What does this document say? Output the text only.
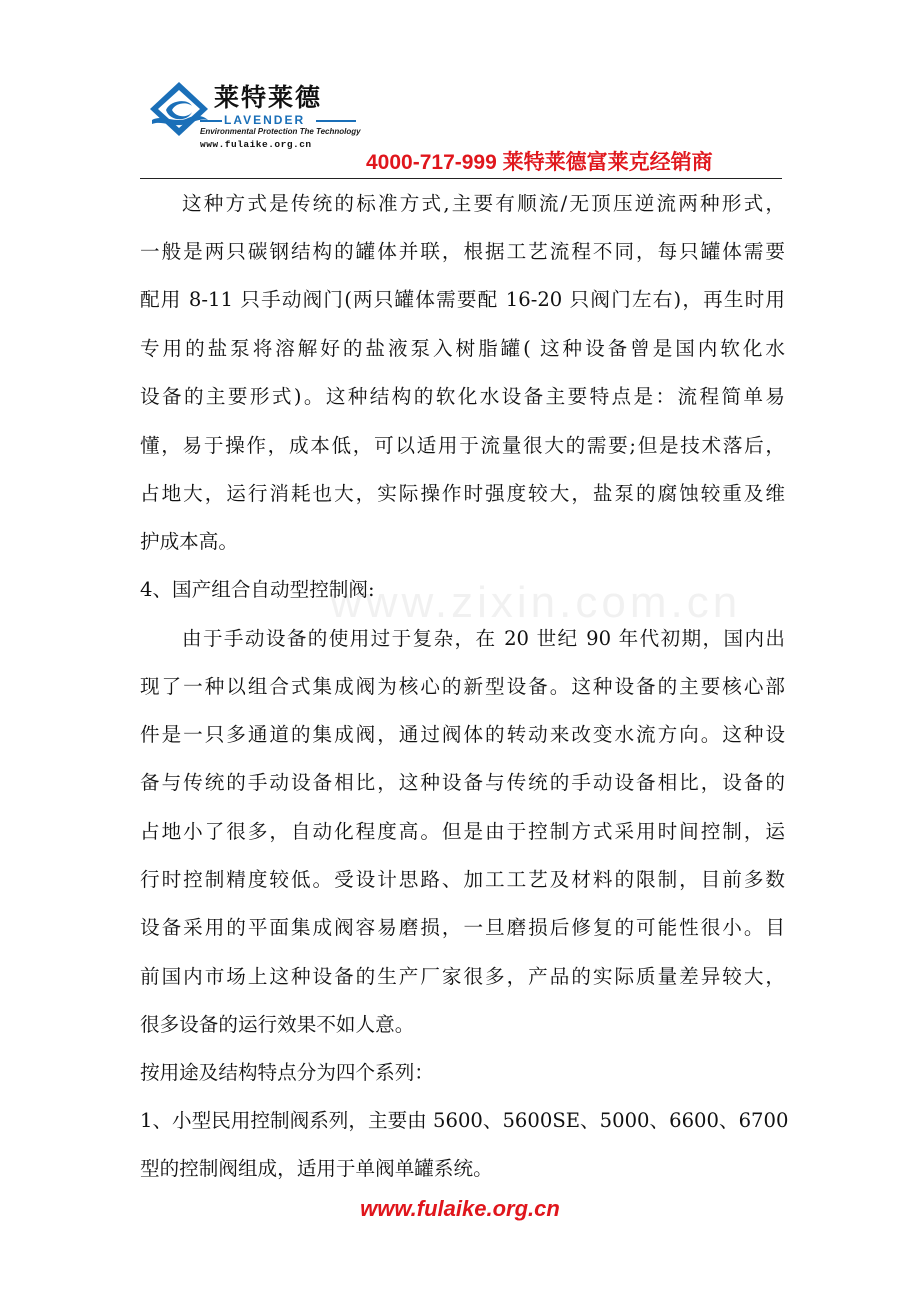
莱特莱德
LAVENDER
Environmental Protection The Technology
www.fulaike.org.cn
4000-717-999 莱特莱德富莱克经销商
www.zixin.com.cn
这种方式是传统的标准方式,主要有顺流/无顶压逆流两种形式，
一般是两只碳钢结构的罐体并联，根据工艺流程不同，每只罐体需要
配用 8-11 只手动阀门(两只罐体需要配 16-20 只阀门左右)，再生时用
专用的盐泵将溶解好的盐液泵入树脂罐( 这种设备曾是国内软化水
设备的主要形式)。这种结构的软化水设备主要特点是：流程简单易
懂，易于操作，成本低，可以适用于流量很大的需要;但是技术落后，
占地大，运行消耗也大，实际操作时强度较大，盐泵的腐蚀较重及维
护成本高。
4、国产组合自动型控制阀:
由于手动设备的使用过于复杂，在 20 世纪 90 年代初期，国内出
现了一种以组合式集成阀为核心的新型设备。这种设备的主要核心部
件是一只多通道的集成阀，通过阀体的转动来改变水流方向。这种设
备与传统的手动设备相比，这种设备与传统的手动设备相比，设备的
占地小了很多，自动化程度高。但是由于控制方式采用时间控制，运
行时控制精度较低。受设计思路、加工工艺及材料的限制，目前多数
设备采用的平面集成阀容易磨损，一旦磨损后修复的可能性很小。目
前国内市场上这种设备的生产厂家很多，产品的实际质量差异较大，
很多设备的运行效果不如人意。
按用途及结构特点分为四个系列：
1、小型民用控制阀系列，主要由 5600、5600SE、5000、6600、6700
型的控制阀组成，适用于单阀单罐系统。
www.fulaike.org.cn
